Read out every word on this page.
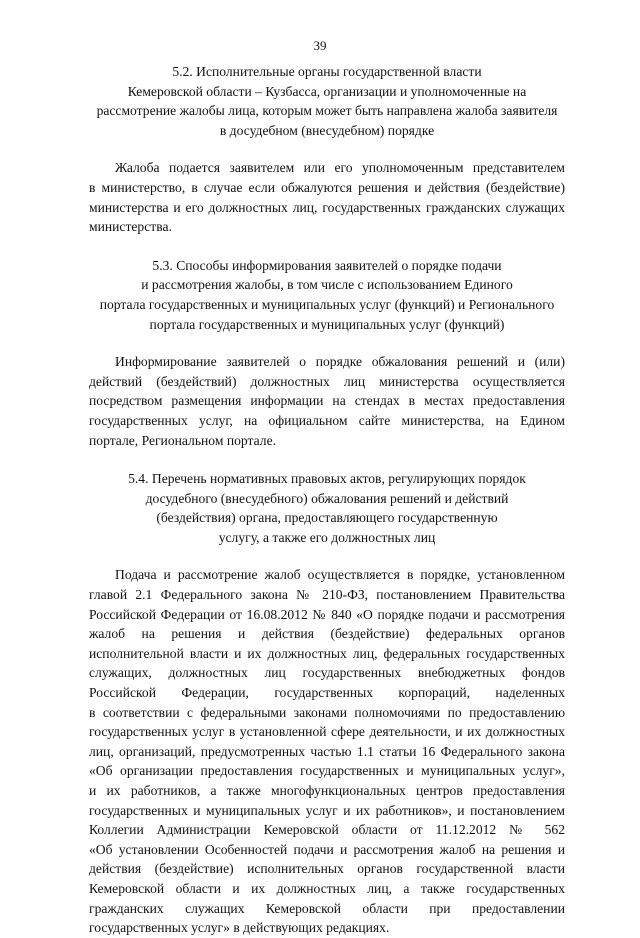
39
5.2. Исполнительные органы государственной власти
Кемеровской области – Кузбасса, организации и уполномоченные на
рассмотрение жалобы лица, которым может быть направлена жалоба заявителя
в досудебном (внесудебном) порядке
Жалоба подается заявителем или его уполномоченным представителем
в министерство, в случае если обжалуются решения и действия (бездействие)
министерства и его должностных лиц, государственных гражданских служащих
министерства.
5.3. Способы информирования заявителей о порядке подачи
и рассмотрения жалобы, в том числе с использованием Единого
портала государственных и муниципальных услуг (функций) и Регионального
портала государственных и муниципальных услуг (функций)
Информирование заявителей о порядке обжалования решений и (или)
действий (бездействий) должностных лиц министерства осуществляется
посредством размещения информации на стендах в местах предоставления
государственных услуг, на официальном сайте министерства, на Едином
портале, Региональном портале.
5.4. Перечень нормативных правовых актов, регулирующих порядок
досудебного (внесудебного) обжалования решений и действий
(бездействия) органа, предоставляющего государственную
услугу, а также его должностных лиц
Подача и рассмотрение жалоб осуществляется в порядке, установленном
главой 2.1 Федерального закона № 210-ФЗ, постановлением Правительства
Российской Федерации от 16.08.2012 № 840 «О порядке подачи и рассмотрения
жалоб на решения и действия (бездействие) федеральных органов
исполнительной власти и их должностных лиц, федеральных государственных
служащих, должностных лиц государственных внебюджетных фондов
Российской Федерации, государственных корпораций, наделенных
в соответствии с федеральными законами полномочиями по предоставлению
государственных услуг в установленной сфере деятельности, и их должностных
лиц, организаций, предусмотренных частью 1.1 статьи 16 Федерального закона
«Об организации предоставления государственных и муниципальных услуг»,
и их работников, а также многофункциональных центров предоставления
государственных и муниципальных услуг и их работников», и постановлением
Коллегии Администрации Кемеровской области от 11.12.2012 № 562
«Об установлении Особенностей подачи и рассмотрения жалоб на решения и
действия (бездействие) исполнительных органов государственной власти
Кемеровской области и их должностных лиц, а также государственных
гражданских служащих Кемеровской области при предоставлении
государственных услуг» в действующих редакциях.
